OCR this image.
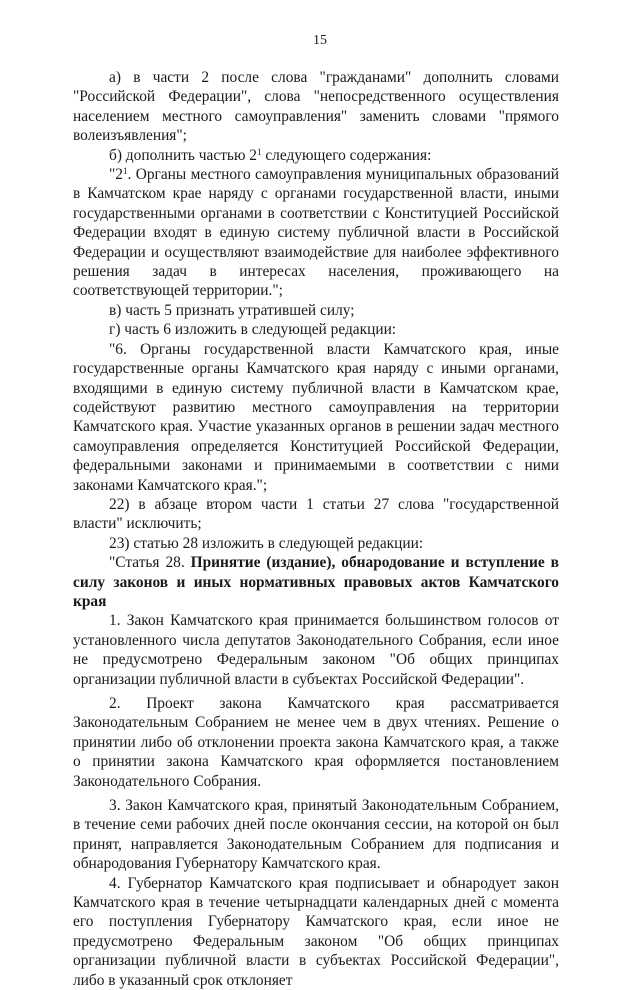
15

а) в части 2 после слова "гражданами" дополнить словами "Российской Федерации", слова "непосредственного осуществления населением местного самоуправления" заменить словами "прямого волеизъявления";

б) дополнить частью $2^1$ следующего содержания:

"$2^1$. Органы местного самоуправления муниципальных образований в Камчатском крае наряду с органами государственной власти, иными государственными органами в соответствии с Конституцией Российской Федерации входят в единую систему публичной власти в Российской Федерации и осуществляют взаимодействие для наиболее эффективного решения задач в интересах населения, проживающего на соответствующей территории.";

в) часть 5 признать утратившей силу;

г) часть 6 изложить в следующей редакции:

"6. Органы государственной власти Камчатского края, иные государственные органы Камчатского края наряду с иными органами, входящими в единую систему публичной власти в Камчатском крае, содействуют развитию местного самоуправления на территории Камчатского края. Участие указанных органов в решении задач местного самоуправления определяется Конституцией Российской Федерации, федеральными законами и принимаемыми в соответствии с ними законами Камчатского края.";

22) в абзаце втором части 1 статьи 27 слова "государственной власти" исключить;

23) статью 28 изложить в следующей редакции:

"Статья 28. Принятие (издание), обнародование и вступление в силу законов и иных нормативных правовых актов Камчатского края

1. Закон Камчатского края принимается большинством голосов от установленного числа депутатов Законодательного Собрания, если иное не предусмотрено Федеральным законом "Об общих принципах организации публичной власти в субъектах Российской Федерации".

2. Проект закона Камчатского края рассматривается Законодательным Собранием не менее чем в двух чтениях. Решение о принятии либо об отклонении проекта закона Камчатского края, а также о принятии закона Камчатского края оформляется постановлением Законодательного Собрания.

3. Закон Камчатского края, принятый Законодательным Собранием, в течение семи рабочих дней после окончания сессии, на которой он был принят, направляется Законодательным Собранием для подписания и обнародования Губернатору Камчатского края.

4. Губернатор Камчатского края подписывает и обнародует закон Камчатского края в течение четырнадцати календарных дней с момента его поступления Губернатору Камчатского края, если иное не предусмотрено Федеральным законом "Об общих принципах организации публичной власти в субъектах Российской Федерации", либо в указанный срок отклоняет
